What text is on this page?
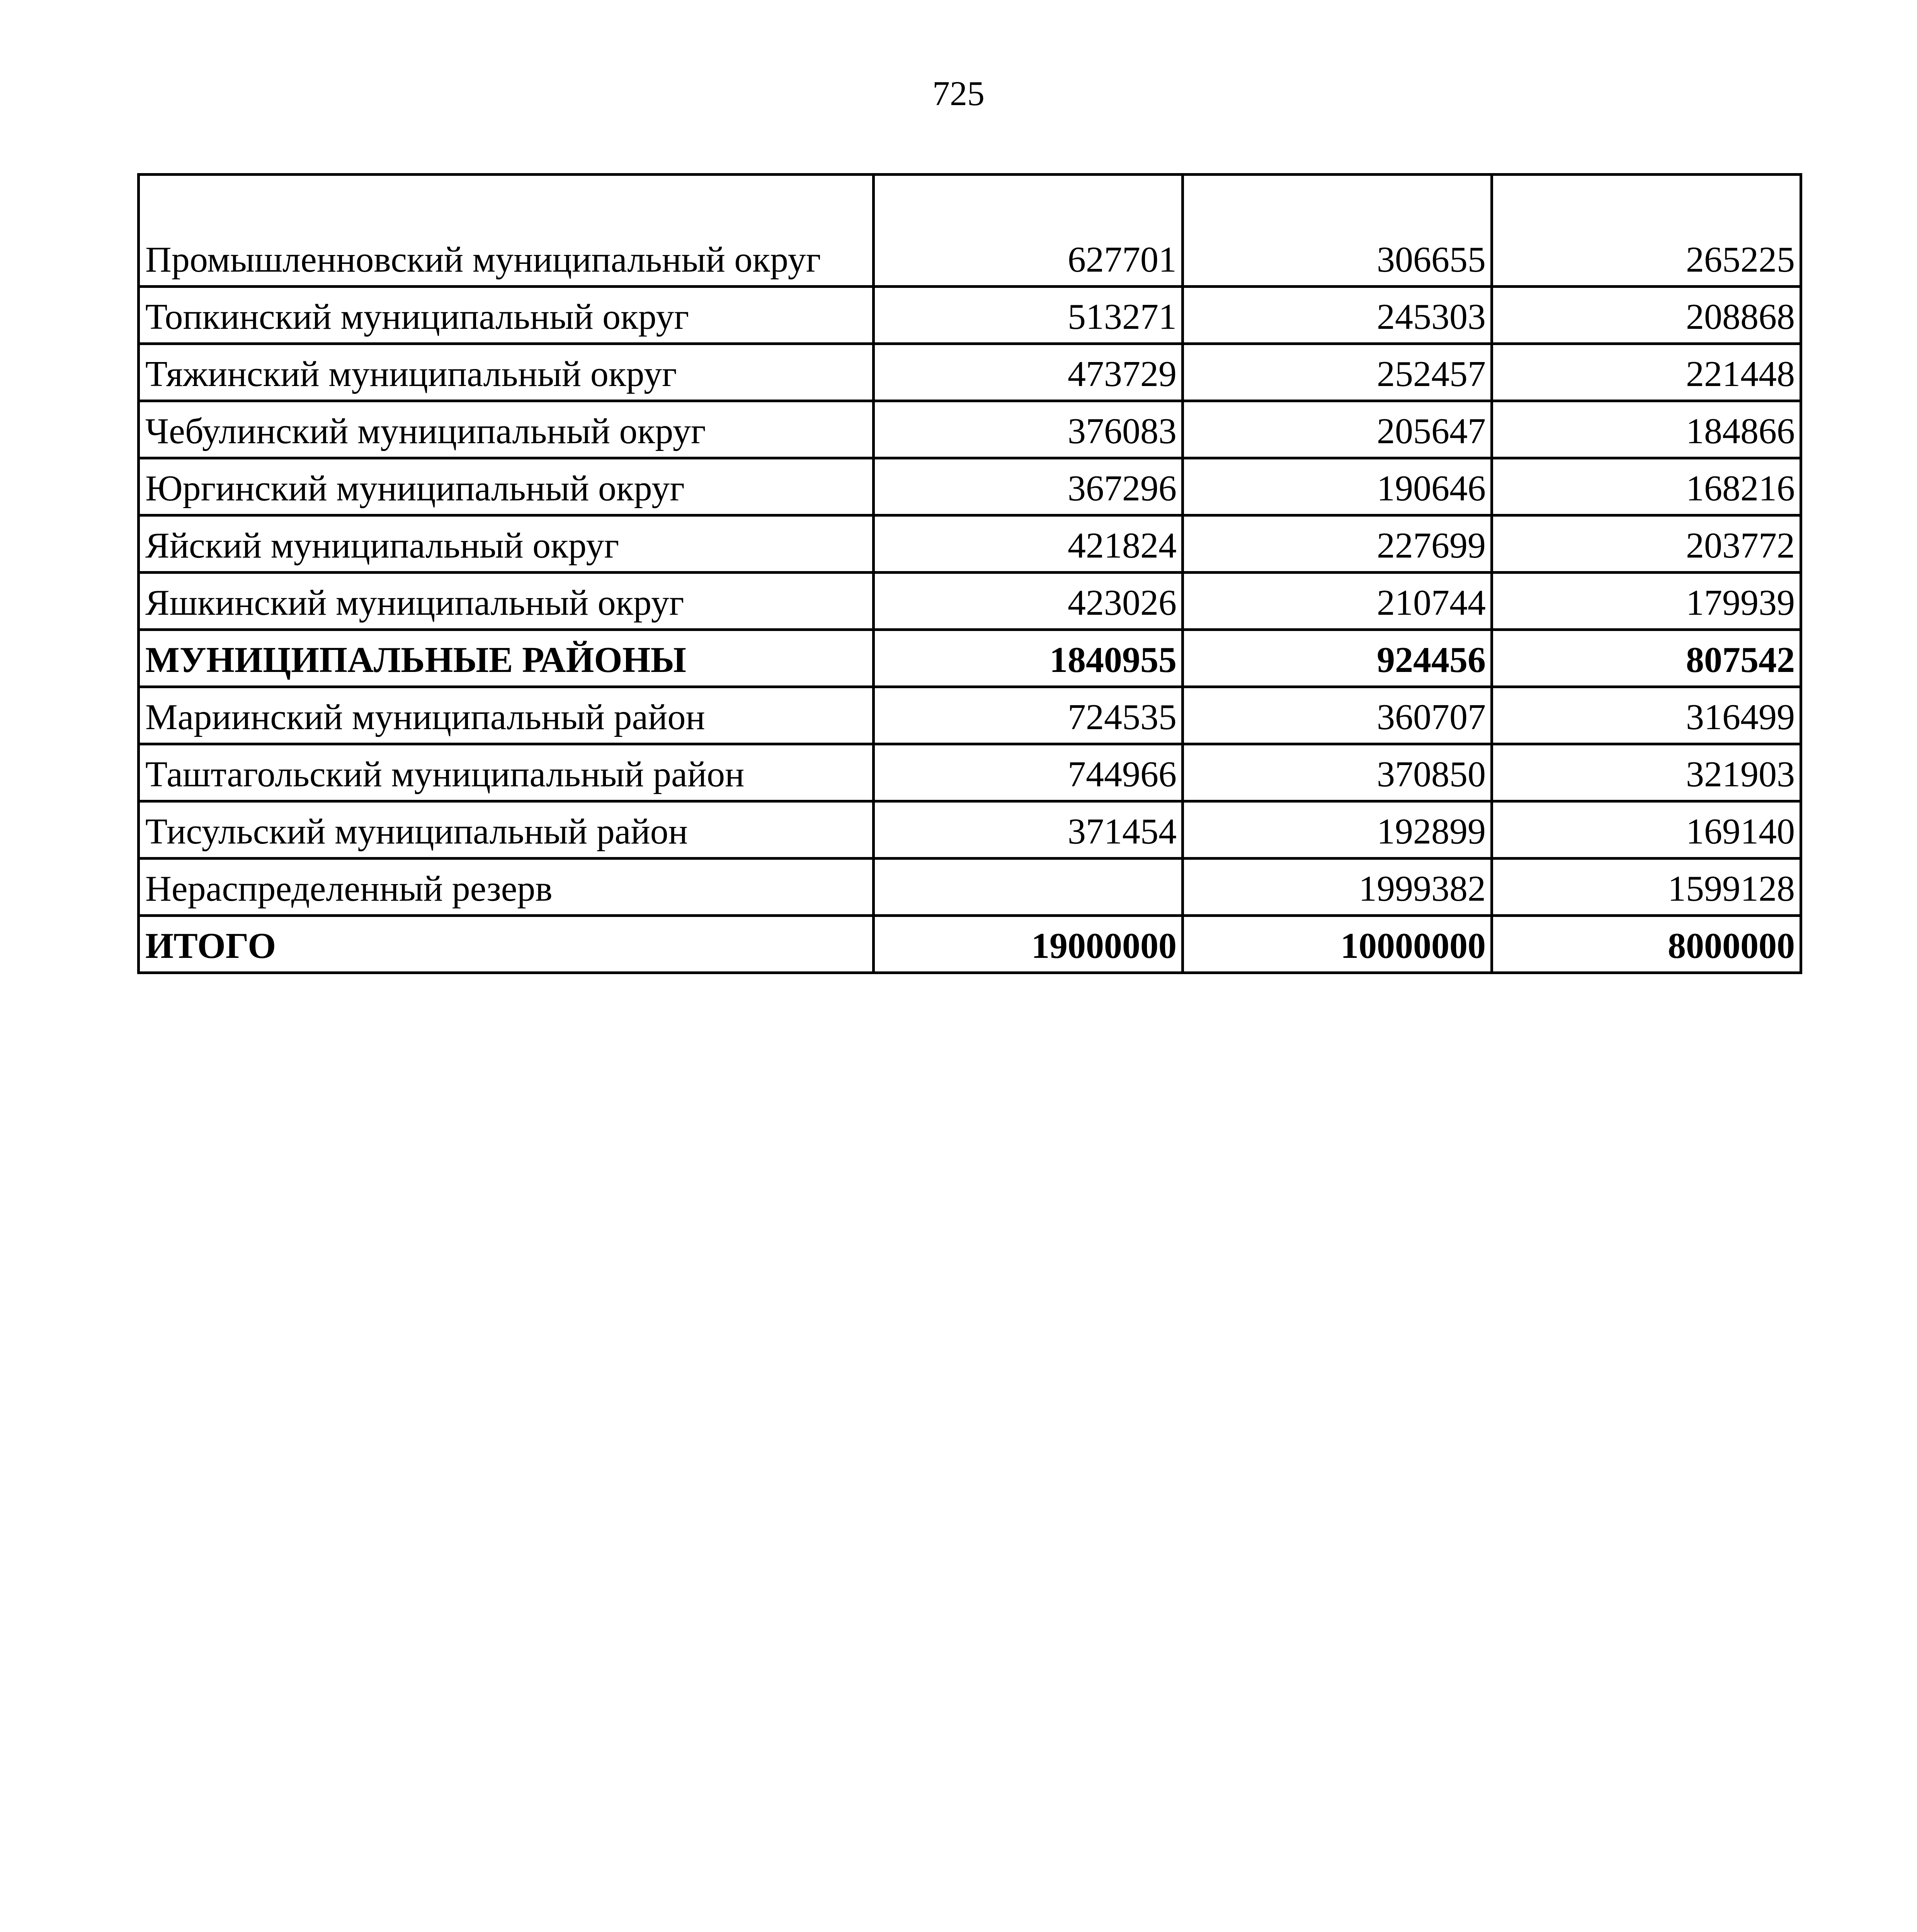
725
Промышленновский муниципальный округ	627701	306655	265225
Топкинский муниципальный округ	513271	245303	208868
Тяжинский муниципальный округ	473729	252457	221448
Чебулинский муниципальный округ	376083	205647	184866
Юргинский муниципальный округ	367296	190646	168216
Яйский муниципальный округ	421824	227699	203772
Яшкинский муниципальный округ	423026	210744	179939
МУНИЦИПАЛЬНЫЕ РАЙОНЫ	1840955	924456	807542
Мариинский муниципальный район	724535	360707	316499
Таштагольский муниципальный район	744966	370850	321903
Тисульский муниципальный район	371454	192899	169140
Нераспределенный резерв		1999382	1599128
ИТОГО	19000000	10000000	8000000
